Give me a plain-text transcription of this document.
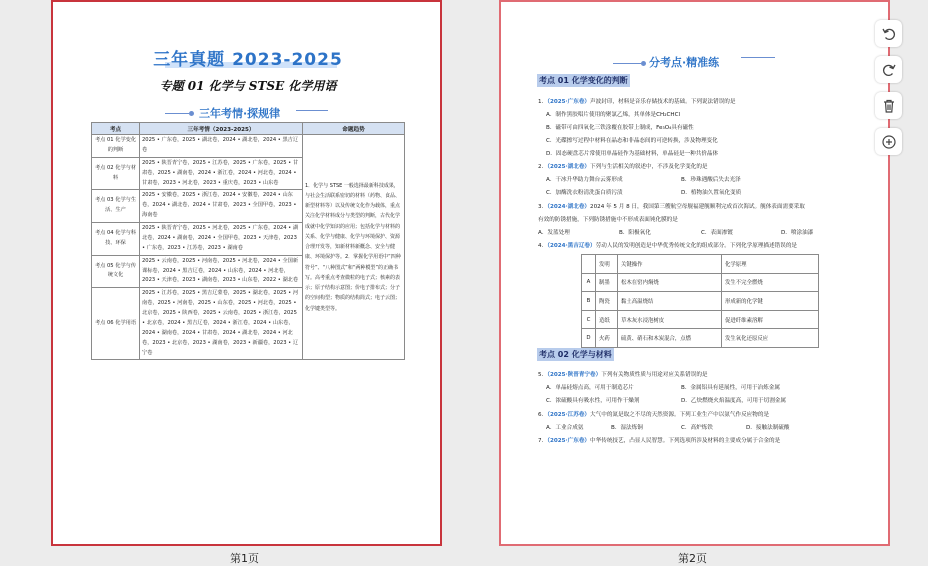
三年真题 2023-2025
专题 01 化学与 STSE 化学用语
三年考情·探规律
考点	三年考情（2023-2025）	命题趋势
考点 01 化学变化的判断	2025 • 广东卷，2025 • 湖北卷，2024 • 湖北卷，2024 • 黑吉辽卷	1．化学与 STSE 一般选择最新科技成果，与社会生活联系密切的材料（药物、食品、新型材料等）以及传统文化作为载体，重点关注化学材料成分与类型的判断，古代化学成就中化学知识的应用；包括化学与材料的关系、化学与健康、化学与环境保护、资源合理开发等，知新材料新概念、安全与健康、环境保护等。2．掌握化学用语中“四种符号”、“八种图式”和“两种模型”的正确书写。高考重点考查微粒的电子式；核素的表示；原子结构示意图；价电子排布式；分子的空间构型；物质的结构简式；电子云图；化学键类型等。
考点 02 化学与材料	2025 • 陕晋青宁卷，2025 • 江苏卷，2025 • 广东卷，2025 • 甘肃卷，2025 • 湖南卷，2024 • 浙江卷，2024 • 河北卷，2024 • 甘肃卷，2023 • 河北卷，2023 • 重庆卷，2023 • 山东卷	
考点 03 化学与生活、生产	2025 • 安徽卷，2025 • 浙江卷，2024 • 安徽卷，2024 • 山东卷，2024 • 湖北卷，2024 • 甘肃卷，2023 • 全国甲卷，2023 • 海南卷	
考点 04 化学与科技、环保	2025 • 陕晋青宁卷，2025 • 河北卷，2025 • 广东卷，2024 • 湖北卷，2024 • 湖南卷，2024 • 全国甲卷，2023 • 天津卷，2023 • 广东卷，2023 • 江苏卷，2023 • 湖南卷	
考点 05 化学与传统文化	2025 • 云南卷，2025 • 河南卷，2025 • 河北卷，2024 • 全国新课标卷，2024 • 黑吉辽卷，2024 • 山东卷，2024 • 河北卷，2023 • 天津卷，2023 • 湖南卷，2023 • 山东卷，2022 • 湖北卷	
考点 06 化学用语	2025 • 江苏卷，2025 • 黑吉辽蒙卷，2025 • 湖北卷，2025 • 河南卷，2025 • 河南卷，2025 • 山东卷，2025 • 河北卷，2025 • 北京卷，2025 • 陕西卷，2025 • 云南卷，2025 • 浙江卷，2025 • 北京卷，2024 • 黑吉辽卷，2024 • 浙江卷，2024 • 山东卷，2024 • 湖南卷，2024 • 甘肃卷，2024 • 湖北卷，2024 • 河北卷，2023 • 北京卷，2023 • 湖南卷，2023 • 新疆卷，2023 • 辽宁卷	
第1页
分考点·精准练
考点 01 化学变化的判断
1．（2025·广东卷）声波封印，材料是音乐存储技术的基础。下列说法错误的是
A．制作黑胶唱片使用的聚氯乙烯，其单体是CH₂CHCl
B．磁带可由四氧化三铁涂覆在胶带上制成，Fe₃O₄具有磁性
C．光碟擦写过程中材料在晶态和非晶态间的可逆转换，涉及物理变化
D．固态硬盘芯片常使用单晶硅作为基础材料，单晶硅是一种共价晶体
2．（2025·湖北卷）下列与生活相关的叙述中，不涉及化学变化的是
A．干冰升华助力舞台云雾形成	B．珍珠遇酸后失去光泽
C．加酶洗衣粉清洗蛋白质污渍	D．植物油久置氧化变质
3．（2024·湖北卷）2024 年 5 月 8 日，我国第三艘航空母舰福建舰顺利完成首次海试。舰体表面需要采取
有效的防锈措施，下列防锈措施中不形成表面钝化膜的是
A．发蓝处理	B．阳极氧化	C．表面渗镀	D．喷涂油漆
4．（2024·黑吉辽卷）劳动人民的发明创造是中华优秀传统文化的组成部分。下列化学原理描述错误的是
	发明	关键操作	化学原理
A	制墨	松木在窑内焖烧	发生不完全燃烧
B	陶瓷	黏土高温烧结	形成新的化学键
C	造纸	草木灰水浸泡树皮	促进纤维素溶解
D	火药	硫黄、硝石和木炭混合，点燃	发生氧化还原反应
考点 02 化学与材料
5．（2025·陕晋青宁卷）下列有关物质性质与用途对应关系错误的是
A．单晶硅熔点高，可用于制造芯片	B．金属铝具有延展性，可用于冶炼金属
C．浓硫酸具有吸水性，可用作干燥剂	D．乙炔燃烧火焰温度高，可用于切割金属
6．（2025·江苏卷）大气中的氮是取之不尽的天然资源。下列工业生产中以氨气作反应物的是
A．工业合成氨	B．湿法炼铜	C．高炉炼铁	D．接触法制硫酸
7．（2025·广东卷）中华传统技艺，凸显人民智慧。下列选项所涉及材料的主要成分属于合金的是
第2页
